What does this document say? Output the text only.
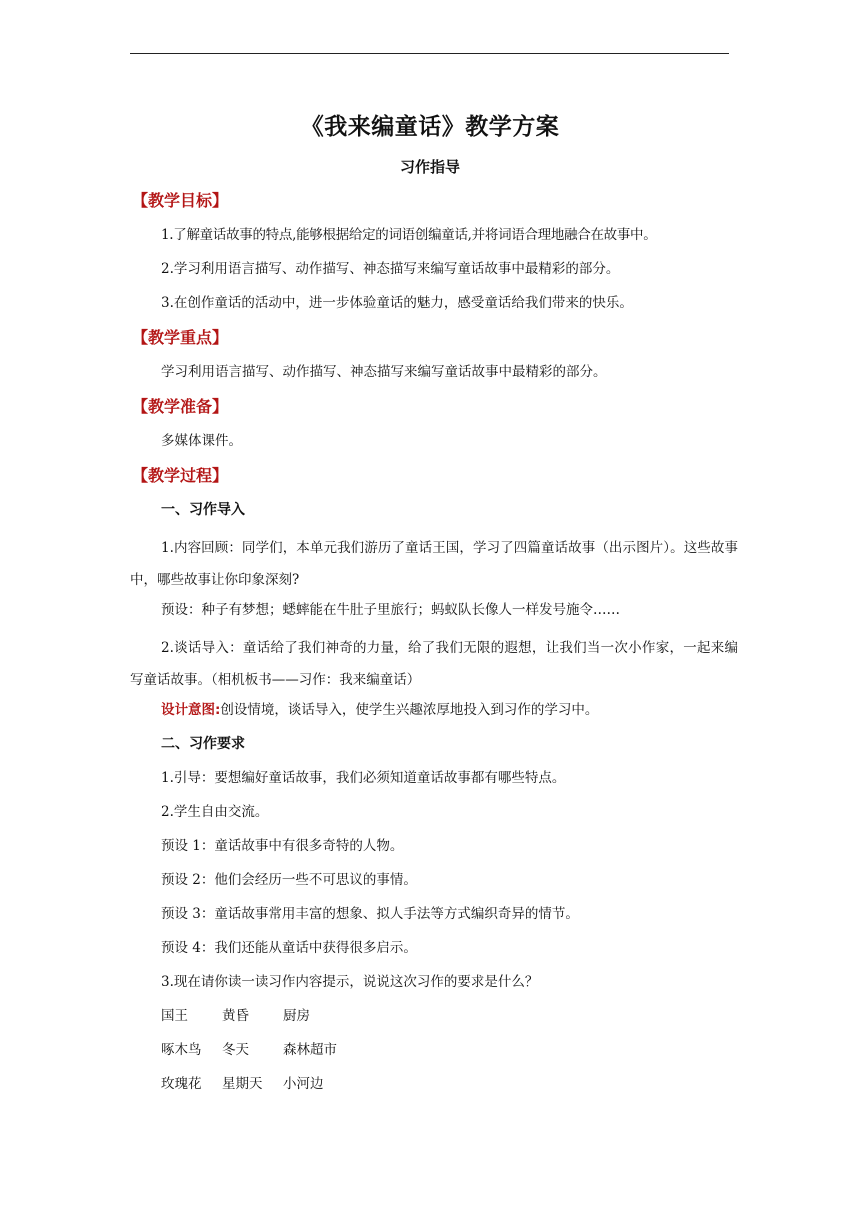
《我来编童话》教学方案
习作指导
【教学目标】
1.了解童话故事的特点,能够根据给定的词语创编童话,并将词语合理地融合在故事中。
2.学习利用语言描写、动作描写、神态描写来编写童话故事中最精彩的部分。
3.在创作童话的活动中，进一步体验童话的魅力，感受童话给我们带来的快乐。
【教学重点】
学习利用语言描写、动作描写、神态描写来编写童话故事中最精彩的部分。
【教学准备】
多媒体课件。
【教学过程】
一、习作导入
1.内容回顾：同学们，本单元我们游历了童话王国，学习了四篇童话故事（出示图片）。这些故事中，哪些故事让你印象深刻?
预设：种子有梦想；蟋蟀能在牛肚子里旅行；蚂蚁队长像人一样发号施令……
2.谈话导入：童话给了我们神奇的力量，给了我们无限的遐想，让我们当一次小作家，一起来编写童话故事。（相机板书——习作：我来编童话）
设计意图:创设情境，谈话导入，使学生兴趣浓厚地投入到习作的学习中。
二、习作要求
1.引导：要想编好童话故事，我们必须知道童话故事都有哪些特点。
2.学生自由交流。
预设 1：童话故事中有很多奇特的人物。
预设 2：他们会经历一些不可思议的事情。
预设 3：童话故事常用丰富的想象、拟人手法等方式编织奇异的情节。
预设 4：我们还能从童话中获得很多启示。
3.现在请你读一读习作内容提示，说说这次习作的要求是什么？
国王	黄昏	厨房
啄木鸟 冬天	森林超市
玫瑰花 星期天 小河边
